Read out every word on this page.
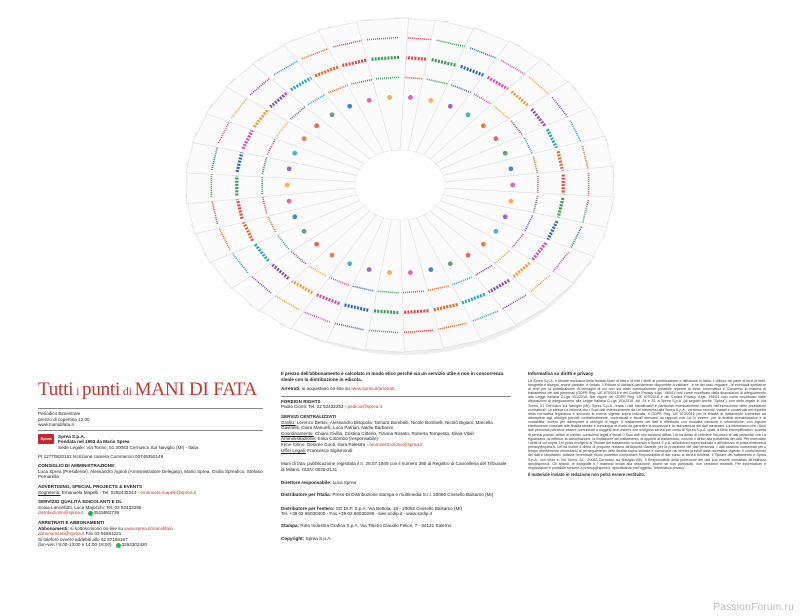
Tutti i punti di MANI DI FATA
Periodico Bimestrale
prezzo di copertina 12,00
www.manidifata.it
Sprea	Sprea S.p.A.
Fondata nel 1993 da Mario Sprea
Sede Legale: Via Torino, 51 20063 Cernusco Sul Naviglio (MI) - Italia
PI 12770820152 Iscrizione camera Commercio 00746350149
CONSIGLIO DI AMMINISTRAZIONE:
Luca Sprea (Presidente), Alessandro Agnoli (Amministratore Delegato), Mario Sprea, Giulia Spreafico, Stefano Pernarella
ADVERTISING, SPECIAL PROJECTS & EVENTS
Segreteria: Emanuela Mapelli - Tel. 0292432244 - emanuela.mapelli@sprea.it
SERVIZIO QUALITÀ EDICOLANTI E DL
Sonia Lancellotti, Luca Majocchi: Tel. 02 92432295
distribuzione@sprea.it 3515582739
ARRETRATI E ABBONAMENTI
Abbonamenti: si sottoscrivono on-line su www.sprea.it/manidifata
abbonamenti@sprea.it Fax 02 56561221
Si taleforo ovvero addebiti allo 02 87168197
(lun-ven / 9:00-13:00 e 14:00-18:00) 3294302420
Il prezzo dell'abbonamento è calcolato in modo etico perché sia un servizio utile e non in concorrenza sleale con la distribuzione in edicola.
Arretrati: si acquistano on-line su www.sprea.it/arretrati
FOREIGN RIGHTS
Paolo Cionti: Tel. 02 92432253 - pedicio@sprea.it
SERVIZI CENTRALIZZATI
Grafici: Lorenzo Bettini, Alessandro Bisquola, Tamara Bombelli, Nicole Bombelli, Nicolò Bigiani, Marcella Gavinelli, Clara Manuelli, Luca Patrian, Nadia Barbarini
Coordinamento: Chiara Civilla, Cristina Citterio, Tiziana Rosato, Roberta Tempesta, Silvia Vitali
Amministrazione: Erika Colombo (responsabile)
Irene Citino, Desirée Conti, Sara Palestra - amministrazione@sprea.it
Uffici Legali: Francesca Sigismondi
Mani di fata, pubblicazione registrata il n. 28.07.1949 con il numero 395 al Registro di Cancelleria del Tribunale di Milano. ISSN: 0025-2131
Direttore responsabile: Luca Sprea
Distributore per l'Italia: Press-Di Distribuzione stampa e multimedia S.r.l. 20090 Cinisello Balsamo (MI)
Distributore per l'estero: SO.DI.P. S.p.A. Via Bettola, 18 - 20092 Cinisello Balsamo (MI)
Tel. +39 02 66030400 - Fax +39 02 66030269 - sies.sodip.it - www.sodip.it
Stampa: Roto Industria Grafica S.p.A. Via Tiberio Claudio Felice, 7 - 84131 Salerno
Copyright: Sprea S.p.A.
Informativa su diritti e privacy
La Sprea S.p.A. è titolare esclusiva della testata Mani di fata e di tutti i diritti di pubblicazione e diffusione in Italia. L'utilizzo da parte di terzi di testi, fotografie e disegni, anche parziale, è vietato. L'Editore si dichiara pienamente disponibile a valutare - e se del caso regolare - le eventuali spettanze di terzi per la pubblicazione di immagini di cui non sia stato eventualmente possibile reperire la fonte. Informativa e Consenso in materia di trattamento dei dati personali (GDPR Reg. UE 679/2016 e del Codice Privacy d.lgs. 196/03 così come modificato dalla disposizioni di adeguamento alla Legge Italiana D.Lgs 101/2018. Nel vigore del GDPR Reg. UE 679/2016 e del Codice Privacy d.lgs. 196/03 così come modificato dalle disposizioni di adeguamento alla Legge Italiana D.Lgs 101/2018, art. 24 e 25, a Sprea S.p.A. (di seguito anche "Sprea"), con sede legale in Via Torino, 51 Cernusco sul Naviglio (MI), Sprea S.p.A., tratta i dati identificativi e particolari eventualmente raccolti nell'esecuzione delle prestazioni contrattuali. La stessa La informa che i Suoi dati eventualmente da Lei trasmessi alla Sprea S.p.A., verranno raccolti, trattati e conservati nel rispetto della normativa legislativa e secondo la norma vigente sopra indicata. Il GDPR Reg. UE 679/2016 per le finalità di trattamento connesse ad adempiere agli obblighi previsti contrattualmente, contrattuali e fiscali derivanti da rapporti con Lei in essere, per le finalità amministrative e di contabilità, ovvero per adempiere a obblighi di legge. Il trattamento dei dati è effettuato con modalità cartacee e informatiche, con logiche strettamente correlate alle finalità stesse e comunque in modo da garantire la sicurezza e la riservatezza dei dati medesimi. La informiamo che i Suoi dati personali potranno essere comunicati a soggetti terzi esterni che svolgono servizi per conto di Sprea S.p.A. quali, a titolo esemplificativo, società di servizi postali, istituti di credito, consulenti legali e fiscali. I Suoi dati non saranno diffusi. Lei ha diritto di chiedere l'accesso ai dati personali che La riguardano, la rettifica, la cancellazione, la limitazione del trattamento, di opporsi al trattamento, nonché il diritto alla portabilità dei dati. Per esercitare i diritti di cui sopra, Lei potrà rivolgersi al Titolare del trattamento scrivendo a Sprea S.p.A. all'indirizzo sopra indicato o all'indirizzo di posta elettronica privacy@sprea.it. Lei ha inoltre il diritto di proporre reclamo all'Autorità Garante per la protezione dei dati personali. I dati saranno conservati per il tempo strettamente necessario al perseguimento delle finalità sopra indicate e comunque nei termini previsti dalla normativa vigente. Il conferimento dei dati è facoltativo; tuttavia l'eventuale rifiuto potrebbe comportare l'impossibilità di dar corso ai servizi richiesti. Il Titolare del trattamento è Sprea S.p.A., con sede in Via Torino, 51 - 20063 Cernusco sul Naviglio (MI). Il Responsabile della protezione dei dati può essere contattato all'indirizzo dpo@sprea.it. Gli articoli, le fotografie e i materiali inviati alla redazione, anche se non pubblicati, non verranno restituiti. Per informazioni e segnalazioni è possibile scrivere a privacy@sprea.it, specificando nell'oggetto "Informativa privacy".
Il materiale inviato in redazione non potrà essere restituito.
PassionForum.ru
